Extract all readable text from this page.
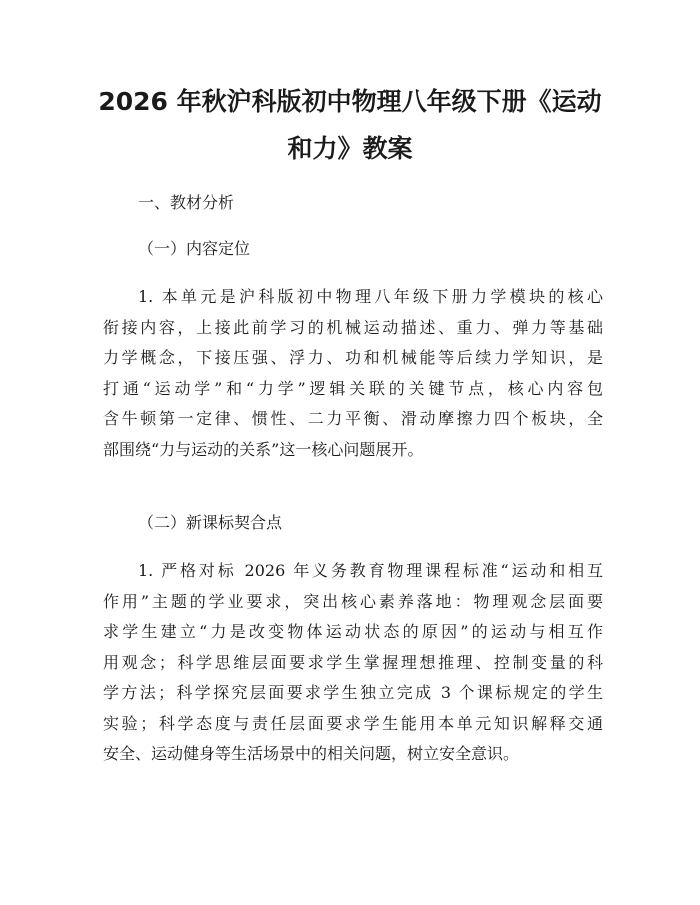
2026 年秋沪科版初中物理八年级下册《运动
和力》教案
一、教材分析
（一）内容定位

1. 本单元是沪科版初中物理八年级下册力学模块的核心
衔接内容，上接此前学习的机械运动描述、重力、弹力等基础
力学概念，下接压强、浮力、功和机械能等后续力学知识，是
打通“运动学”和“力学”逻辑关联的关键节点，核心内容包
含牛顿第一定律、惯性、二力平衡、滑动摩擦力四个板块，全
部围绕“力与运动的关系”这一核心问题展开。

（二）新课标契合点

1. 严格对标 2026 年义务教育物理课程标准“运动和相互
作用”主题的学业要求，突出核心素养落地：物理观念层面要
求学生建立“力是改变物体运动状态的原因”的运动与相互作
用观念；科学思维层面要求学生掌握理想推理、控制变量的科
学方法；科学探究层面要求学生独立完成 3 个课标规定的学生
实验；科学态度与责任层面要求学生能用本单元知识解释交通
安全、运动健身等生活场景中的相关问题，树立安全意识。
